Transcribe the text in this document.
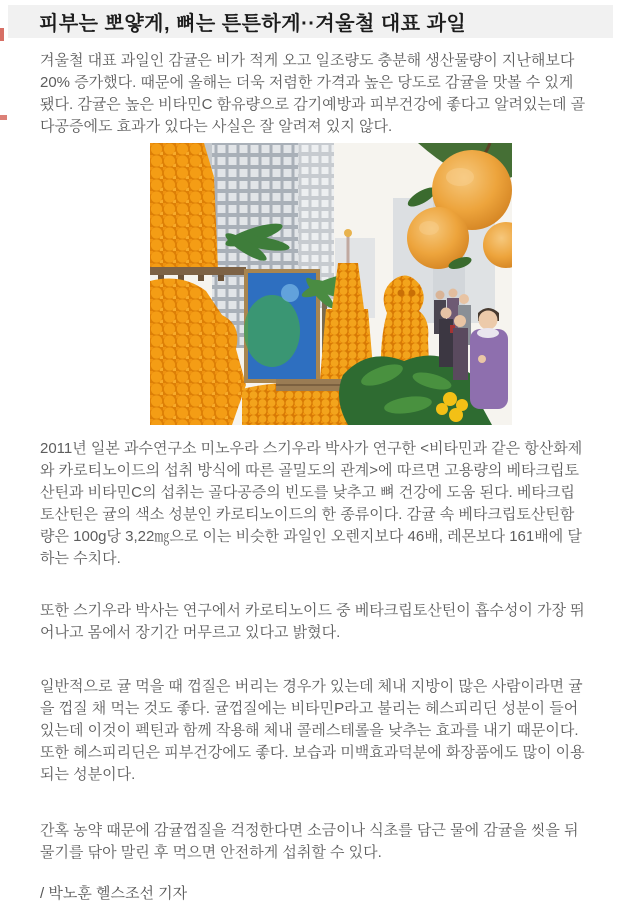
피부는 뽀얗게, 뼈는 튼튼하게··겨울철 대표 과일

겨울철 대표 과일인 감귤은 비가 적게 오고 일조량도 충분해 생산물량이 지난해보다 20% 증가했다. 때문에 올해는 더욱 저렴한 가격과 높은 당도로 감귤을 맛볼 수 있게 됐다. 감귤은 높은 비타민C 함유량으로 감기예방과 피부건강에 좋다고 알려있는데 골다공증에도 효과가 있다는 사실은 잘 알려져 있지 않다.

2011년 일본 과수연구소 미노우라 스기우라 박사가 연구한 <비타민과 같은 항산화제와 카로티노이드의 섭취 방식에 따른 골밀도의 관계>에 따르면 고용량의 베타크립토산틴과 비타민C의 섭취는 골다공증의 빈도를 낮추고 뼈 건강에 도움 된다. 베타크립토산틴은 귤의 색소 성분인 카로티노이드의 한 종류이다. 감귤 속 베타크립토산틴함량은 100g당 3,22㎎으로 이는 비슷한 과일인 오렌지보다 46배, 레몬보다 161배에 달하는 수치다.

또한 스기우라 박사는 연구에서 카로티노이드 중 베타크립토산틴이 흡수성이 가장 뛰어나고 몸에서 장기간 머무르고 있다고 밝혔다.

일반적으로 귤 먹을 때 껍질은 버리는 경우가 있는데 체내 지방이 많은 사람이라면 귤을 껍질 채 먹는 것도 좋다. 귤껍질에는 비타민P라고 불리는 헤스피리딘 성분이 들어있는데 이것이 펙틴과 함께 작용해 체내 콜레스테롤을 낮추는 효과를 내기 때문이다. 또한 헤스피리딘은 피부건강에도 좋다. 보습과 미백효과덕분에 화장품에도 많이 이용되는 성분이다.

간혹 농약 때문에 감귤껍질을 걱정한다면 소금이나 식초를 담근 물에 감귤을 씻을 뒤 물기를 닦아 말린 후 먹으면 안전하게 섭취할 수 있다.

/ 박노훈 헬스조선 기자
